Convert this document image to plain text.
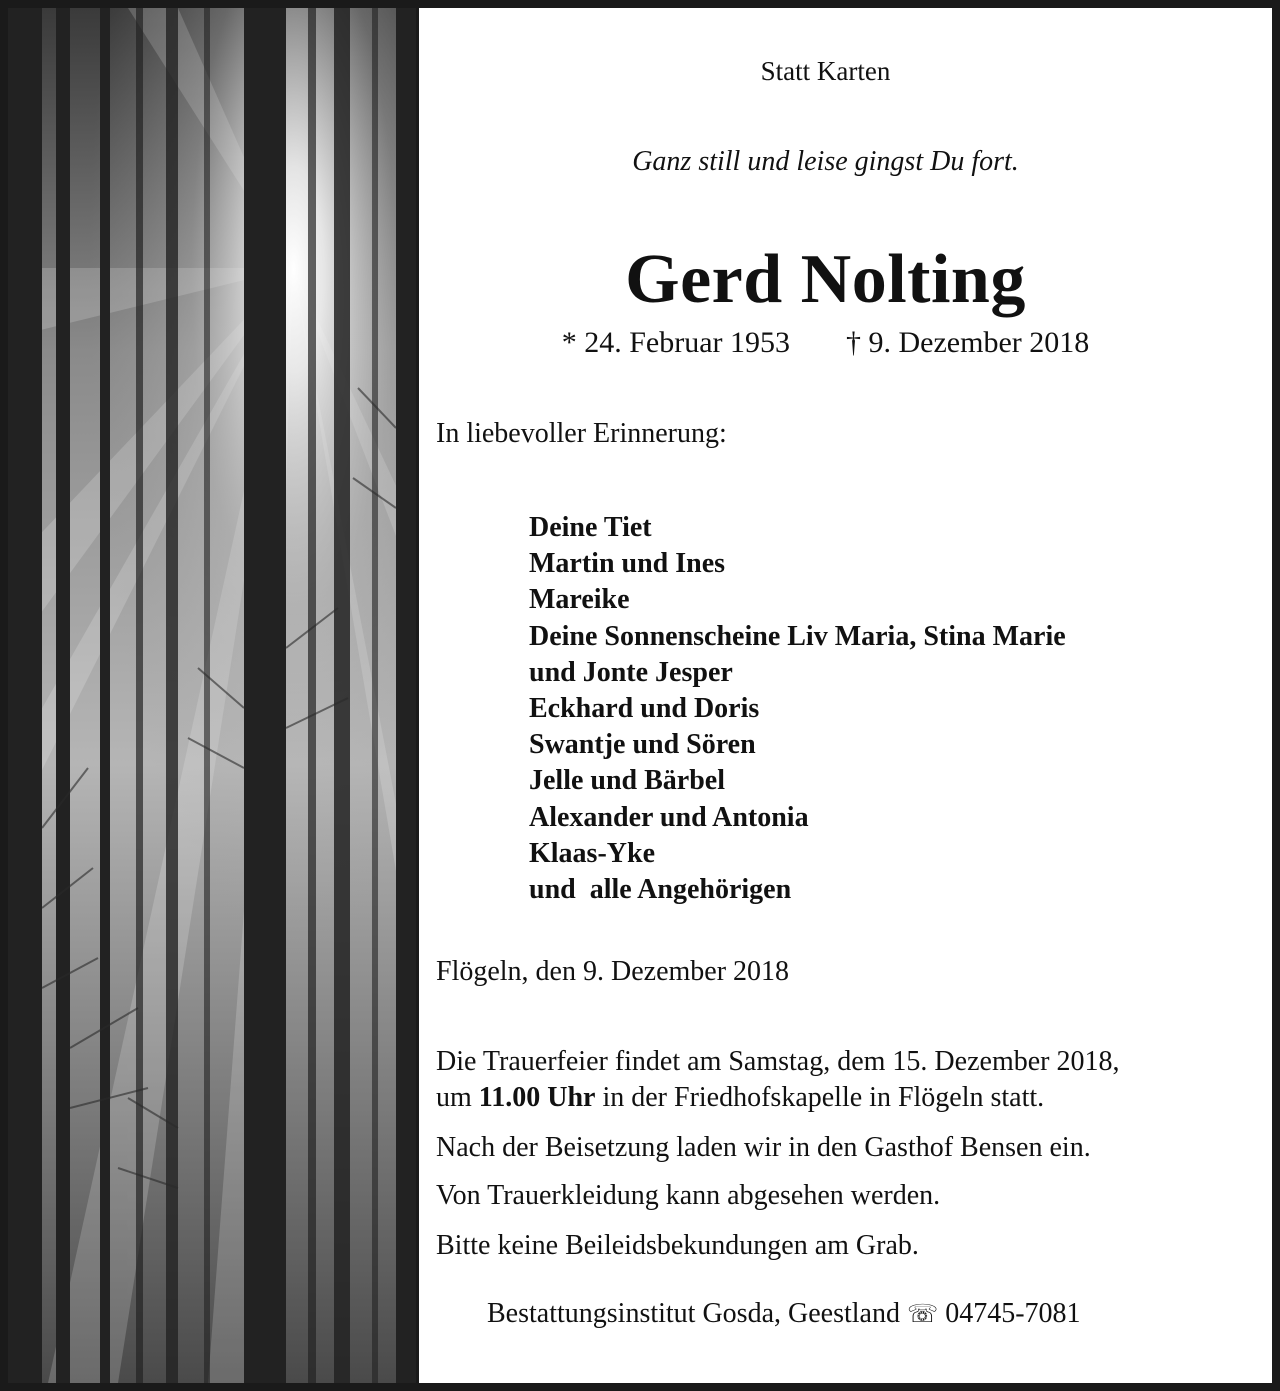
Statt Karten
Ganz still und leise gingst Du fort.
Gerd Nolting
* 24. Februar 1953 † 9. Dezember 2018
In liebevoller Erinnerung:
Deine Tiet
Martin und Ines
Mareike
Deine Sonnenscheine Liv Maria, Stina Marie
und Jonte Jesper
Eckhard und Doris
Swantje und Sören
Jelle und Bärbel
Alexander und Antonia
Klaas-Yke
und  alle Angehörigen
Flögeln, den 9. Dezember 2018
Die Trauerfeier findet am Samstag, dem 15. Dezember 2018,
um 11.00 Uhr in der Friedhofskapelle in Flögeln statt.
Nach der Beisetzung laden wir in den Gasthof Bensen ein.
Von Trauerkleidung kann abgesehen werden.
Bitte keine Beileidsbekundungen am Grab.
Bestattungsinstitut Gosda, Geestland ☏ 04745-7081
